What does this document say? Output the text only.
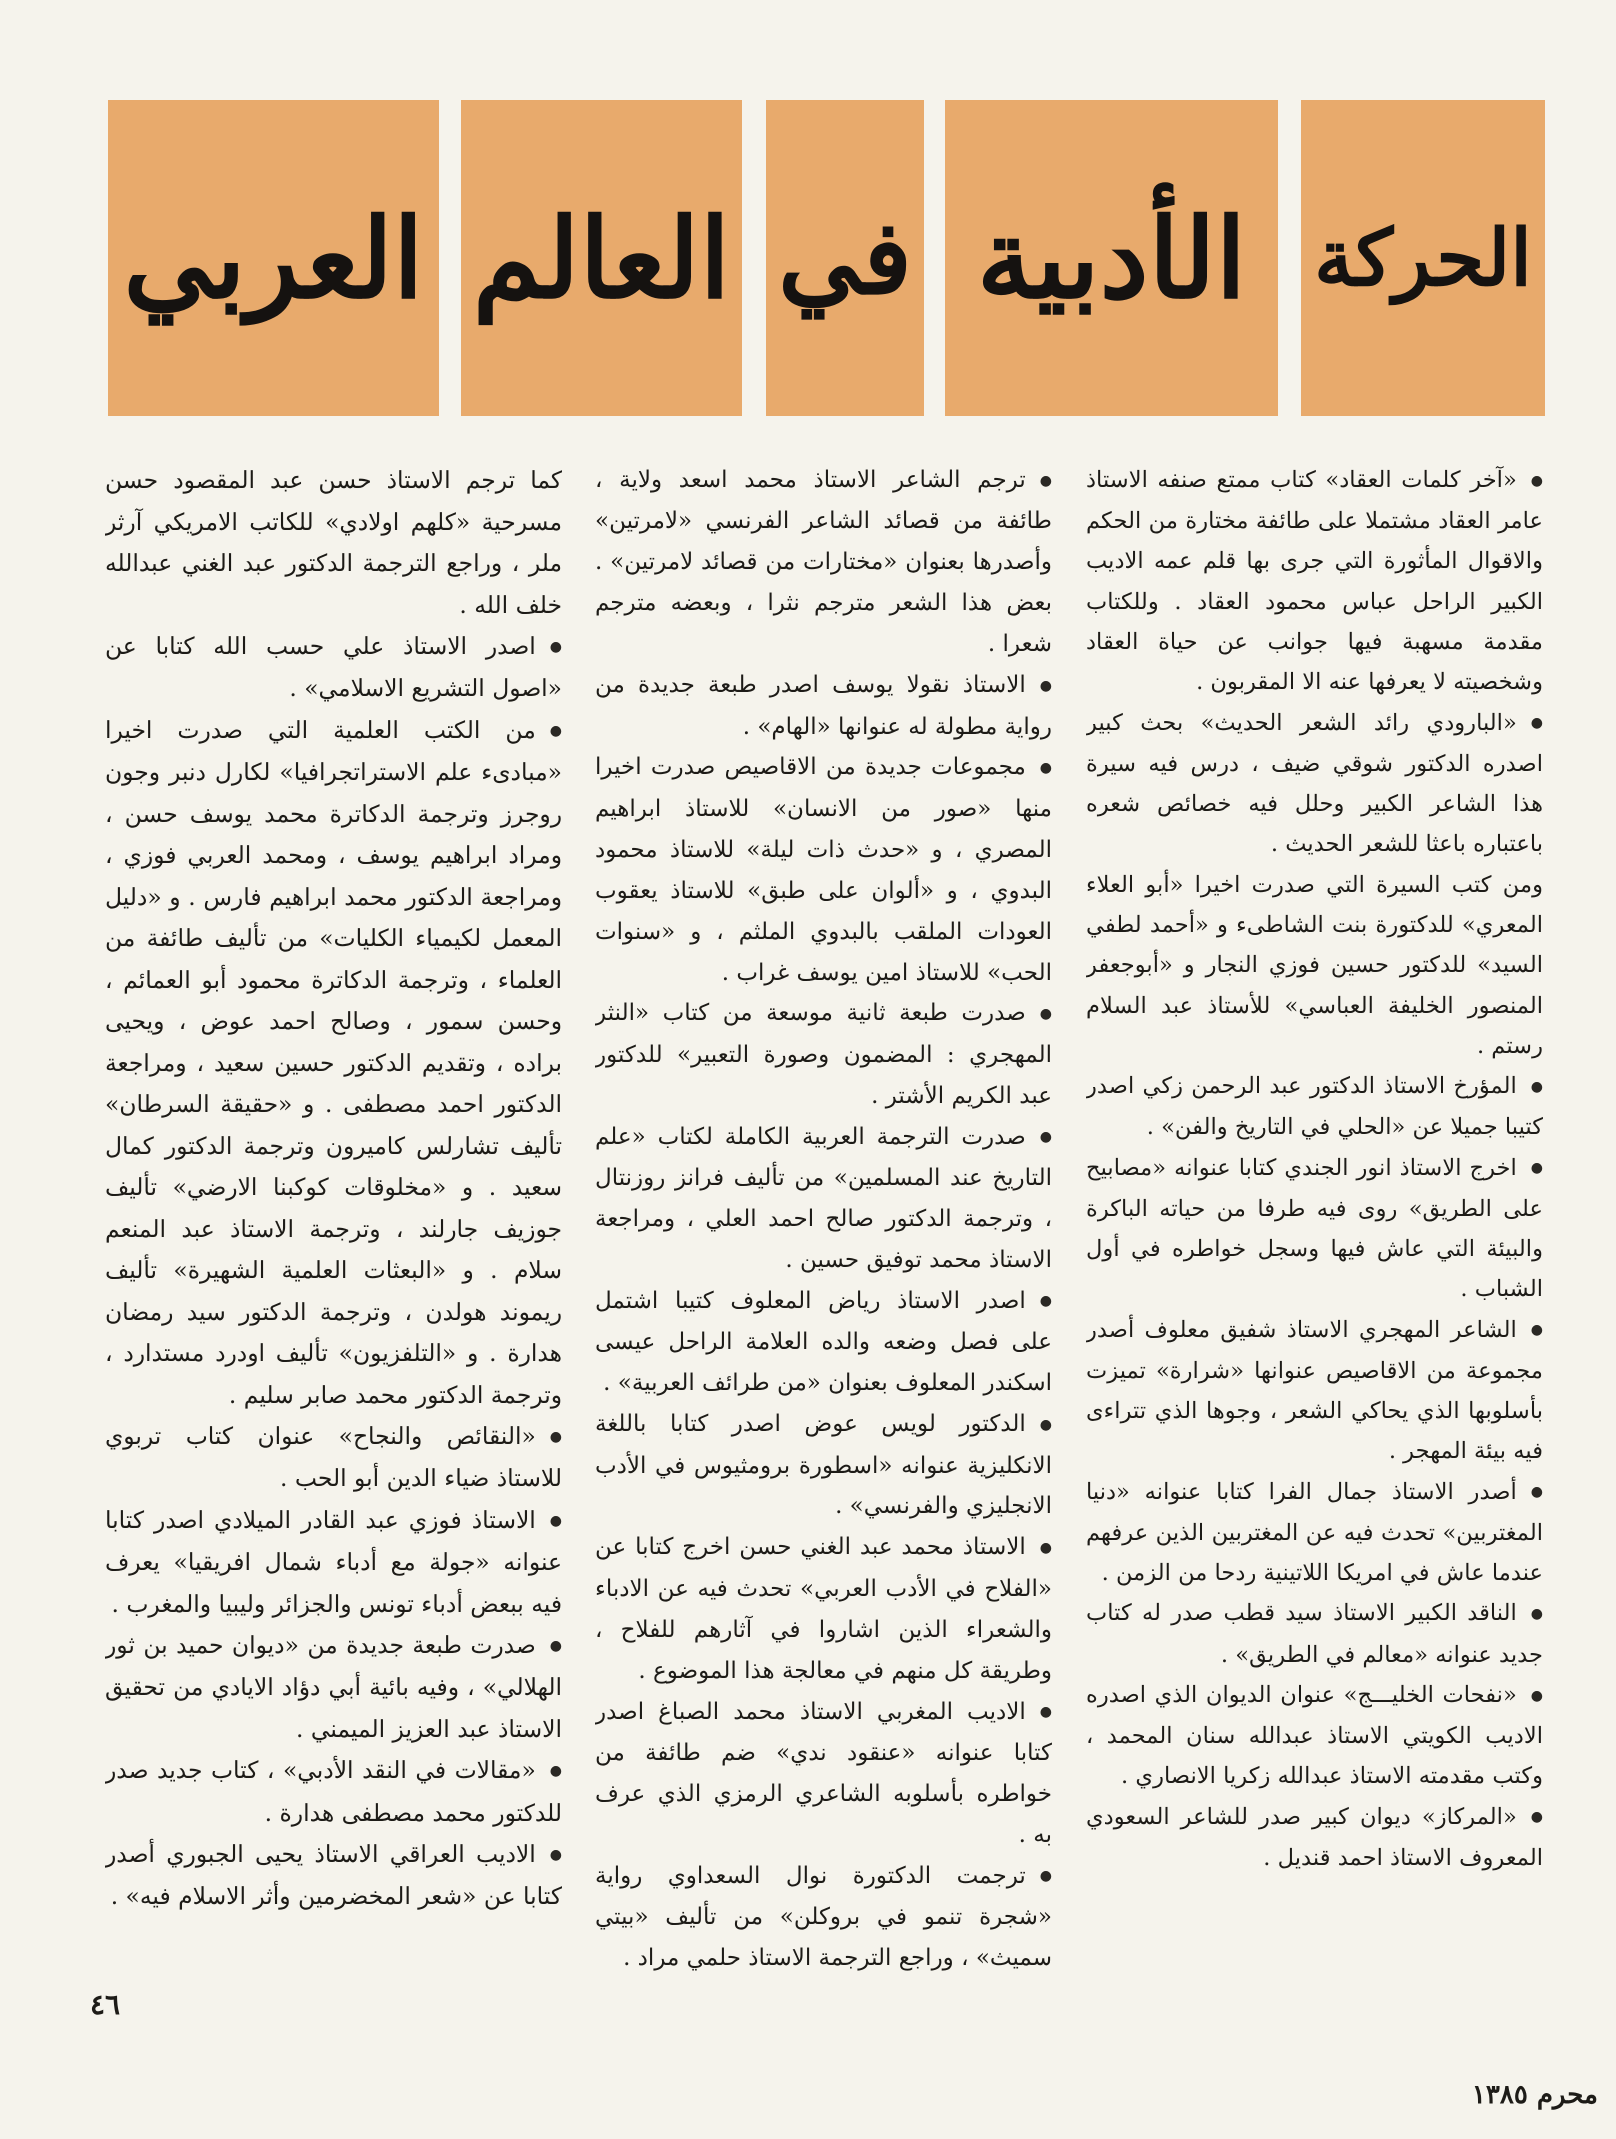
الحركة
الأدبية
في
العالم
العربي

●«آخر كلمات العقاد» كتاب ممتع صنفه الاستاذ عامر العقاد مشتملا على طائفة مختارة من الحكم والاقوال المأثورة التي جرى بها قلم عمه الاديب الكبير الراحل عباس محمود العقاد . وللكتاب مقدمة مسهبة فيها جوانب عن حياة العقاد وشخصيته لا يعرفها عنه الا المقربون .

●«البارودي رائد الشعر الحديث» بحث كبير اصدره الدكتور شوقي ضيف ، درس فيه سيرة هذا الشاعر الكبير وحلل فيه خصائص شعره باعتباره باعثا للشعر الحديث .

ومن كتب السيرة التي صدرت اخيرا «أبو العلاء المعري» للدكتورة بنت الشاطىء و «أحمد لطفي السيد» للدكتور حسين فوزي النجار و «أبوجعفر المنصور الخليفة العباسي» للأستاذ عبد السلام رستم .

●المؤرخ الاستاذ الدكتور عبد الرحمن زكي اصدر كتيبا جميلا عن «الحلي في التاريخ والفن» .

●اخرج الاستاذ انور الجندي كتابا عنوانه «مصابيح على الطريق» روى فيه طرفا من حياته الباكرة والبيئة التي عاش فيها وسجل خواطره في أول الشباب .

●الشاعر المهجري الاستاذ شفيق معلوف أصدر مجموعة من الاقاصيص عنوانها «شرارة» تميزت بأسلوبها الذي يحاكي الشعر ، وجوها الذي تتراءى فيه بيئة المهجر .

●أصدر الاستاذ جمال الفرا كتابا عنوانه «دنيا المغتربين» تحدث فيه عن المغتربين الذين عرفهم عندما عاش في امريكا اللاتينية ردحا من الزمن .

●الناقد الكبير الاستاذ سيد قطب صدر له كتاب جديد عنوانه «معالم في الطريق» .

●«نفحات الخليـــج» عنوان الديوان الذي اصدره الاديب الكويتي الاستاذ عبدالله سنان المحمد ، وكتب مقدمته الاستاذ عبدالله زكريا الانصاري .

●«المركاز» ديوان كبير صدر للشاعر السعودي المعروف الاستاذ احمد قنديل .

●ترجم الشاعر الاستاذ محمد اسعد ولاية ، طائفة من قصائد الشاعر الفرنسي «لامرتين» وأصدرها بعنوان «مختارات من قصائد لامرتين» . بعض هذا الشعر مترجم نثرا ، وبعضه مترجم شعرا .

●الاستاذ نقولا يوسف اصدر طبعة جديدة من رواية مطولة له عنوانها «الهام» .

●مجموعات جديدة من الاقاصيص صدرت اخيرا منها «صور من الانسان» للاستاذ ابراهيم المصري ، و «حدث ذات ليلة» للاستاذ محمود البدوي ، و «ألوان على طبق» للاستاذ يعقوب العودات الملقب بالبدوي الملثم ، و «سنوات الحب» للاستاذ امين يوسف غراب .

●صدرت طبعة ثانية موسعة من كتاب «النثر المهجري : المضمون وصورة التعبير» للدكتور عبد الكريم الأشتر .

●صدرت الترجمة العربية الكاملة لكتاب «علم التاريخ عند المسلمين» من تأليف فرانز روزنتال ، وترجمة الدكتور صالح احمد العلي ، ومراجعة الاستاذ محمد توفيق حسين .

●اصدر الاستاذ رياض المعلوف كتيبا اشتمل على فصل وضعه والده العلامة الراحل عيسى اسكندر المعلوف بعنوان «من طرائف العربية» .

●الدكتور لويس عوض اصدر كتابا باللغة الانكليزية عنوانه «اسطورة برومثيوس في الأدب الانجليزي والفرنسي» .

●الاستاذ محمد عبد الغني حسن اخرج كتابا عن «الفلاح في الأدب العربي» تحدث فيه عن الادباء والشعراء الذين اشاروا في آثارهم للفلاح ، وطريقة كل منهم في معالجة هذا الموضوع .

●الاديب المغربي الاستاذ محمد الصباغ اصدر كتابا عنوانه «عنقود ندي» ضم طائفة من خواطره بأسلوبه الشاعري الرمزي الذي عرف به .

●ترجمت الدكتورة نوال السعداوي رواية «شجرة تنمو في بروكلن» من تأليف «بيتي سميث» ، وراجع الترجمة الاستاذ حلمي مراد .

كما ترجم الاستاذ حسن عبد المقصود حسن مسرحية «كلهم اولادي» للكاتب الامريكي آرثر ملر ، وراجع الترجمة الدكتور عبد الغني عبدالله خلف الله .

●اصدر الاستاذ علي حسب الله كتابا عن «اصول التشريع الاسلامي» .

●من الكتب العلمية التي صدرت اخيرا «مبادىء علم الاستراتجرافيا» لكارل دنبر وجون روجرز وترجمة الدكاترة محمد يوسف حسن ، ومراد ابراهيم يوسف ، ومحمد العربي فوزي ، ومراجعة الدكتور محمد ابراهيم فارس . و «دليل المعمل لكيمياء الكليات» من تأليف طائفة من العلماء ، وترجمة الدكاترة محمود أبو العمائم ، وحسن سمور ، وصالح احمد عوض ، ويحيى براده ، وتقديم الدكتور حسين سعيد ، ومراجعة الدكتور احمد مصطفى . و «حقيقة السرطان» تأليف تشارلس كاميرون وترجمة الدكتور كمال سعيد . و «مخلوقات كوكبنا الارضي» تأليف جوزيف جارلند ، وترجمة الاستاذ عبد المنعم سلام . و «البعثات العلمية الشهيرة» تأليف ريموند هولدن ، وترجمة الدكتور سيد رمضان هدارة . و «التلفزيون» تأليف اودرد مستدارد ، وترجمة الدكتور محمد صابر سليم .

●«النقائص والنجاح» عنوان كتاب تربوي للاستاذ ضياء الدين أبو الحب .

●الاستاذ فوزي عبد القادر الميلادي اصدر كتابا عنوانه «جولة مع أدباء شمال افريقيا» يعرف فيه ببعض أدباء تونس والجزائر وليبيا والمغرب .

●صدرت طبعة جديدة من «ديوان حميد بن ثور الهلالي» ، وفيه بائية أبي دؤاد الايادي من تحقيق الاستاذ عبد العزيز الميمني .

●«مقالات في النقد الأدبي» ، كتاب جديد صدر للدكتور محمد مصطفى هدارة .

●الاديب العراقي الاستاذ يحيى الجبوري أصدر كتابا عن «شعر المخضرمين وأثر الاسلام فيه» .

٤٦
محرم ١٣٨٥
